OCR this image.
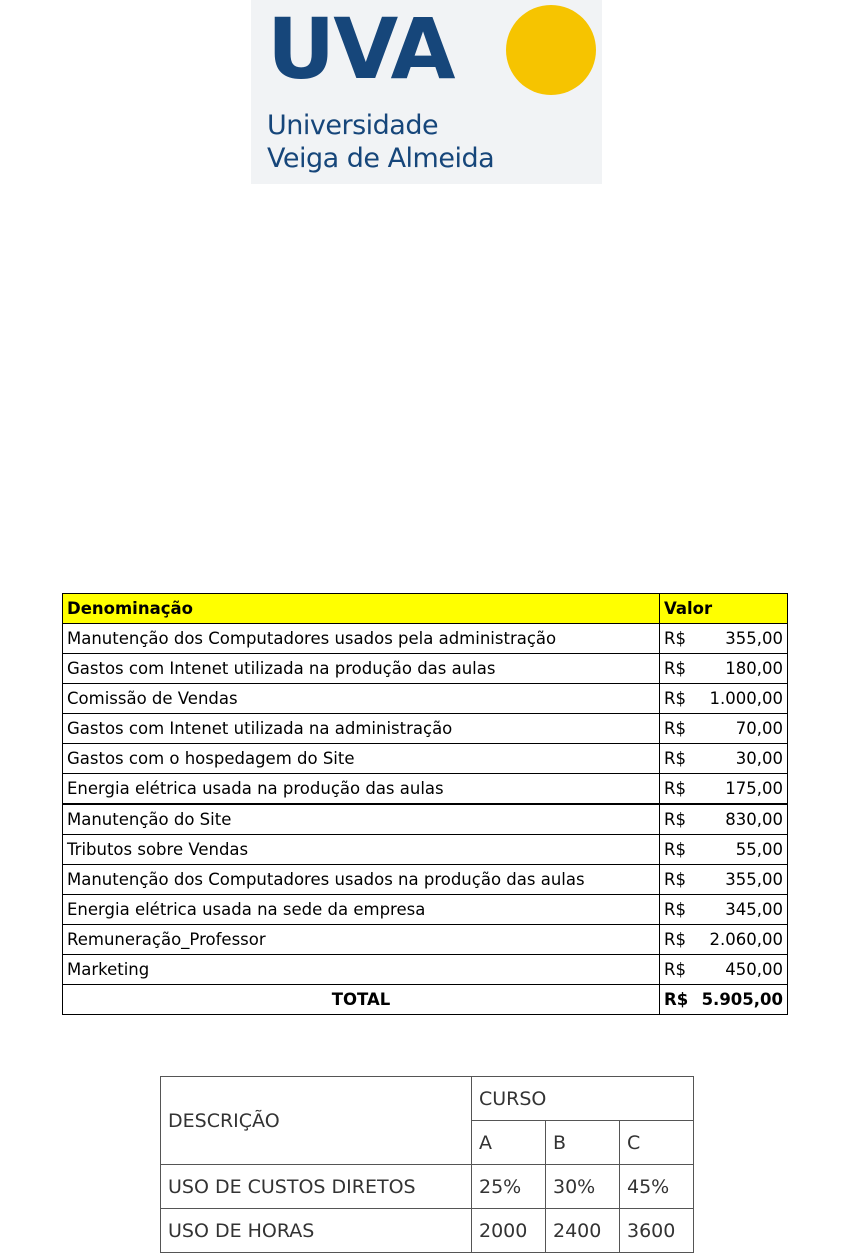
UVA
Universidade
Veiga de Almeida
Denominação	Valor
Manutenção dos Computadores usados pela administração	R$ 355,00

Gastos com Intenet utilizada na produção das aulas	R$ 180,00

Comissão de Vendas	R$ 1.000,00

Gastos com Intenet utilizada na administração	R$ 70,00

Gastos com o hospedagem do Site	R$ 30,00

Energia elétrica usada na produção das aulas	R$ 175,00

Manutenção do Site	R$ 830,00

Tributos sobre Vendas	R$ 55,00

Manutenção dos Computadores usados na produção das aulas	R$ 355,00

Energia elétrica usada na sede da empresa	R$ 345,00

Remuneração_Professor	R$ 2.060,00

Marketing	R$ 450,00

TOTAL	R$ 5.905,00
DESCRIÇÃO	CURSO		
	A	B	C
USO DE CUSTOS DIRETOS	25%	30%	45%
USO DE HORAS	2000	2400	3600
